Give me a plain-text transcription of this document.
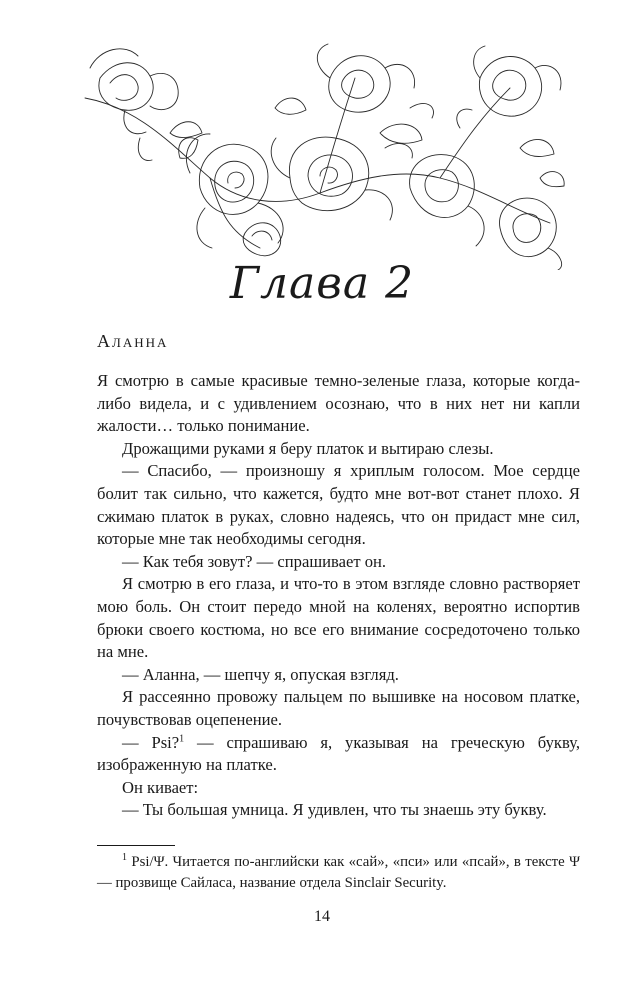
Глава 2
Аланна

Я смотрю в самые красивые темно-зеленые глаза, которые когда-либо видела, и с удивлением осознаю, что в них нет ни капли жалости… только понимание.

Дрожащими руками я беру платок и вытираю слезы.

— Спасибо, — произношу я хриплым голосом. Мое сердце болит так сильно, что кажется, будто мне вот-вот станет плохо. Я сжимаю платок в руках, словно надеясь, что он придаст мне сил, которые мне так необходимы сегодня.

— Как тебя зовут? — спрашивает он.

Я смотрю в его глаза, и что-то в этом взгляде словно растворяет мою боль. Он стоит передо мной на коленях, вероятно испортив брюки своего костюма, но все его внимание сосредоточено только на мне.

— Аланна, — шепчу я, опуская взгляд.

Я рассеянно провожу пальцем по вышивке на носовом платке, почувствовав оцепенение.

— Psi?$^1$ — спрашиваю я, указывая на греческую букву, изображенную на платке.

Он кивает:

— Ты большая умница. Я удивлен, что ты знаешь эту букву.

$^1$ Psi/Ψ. Читается по-английски как «сай», «пси» или «псай», в тексте Ψ — прозвище Сайласа, название отдела Sinclair Security.

14
